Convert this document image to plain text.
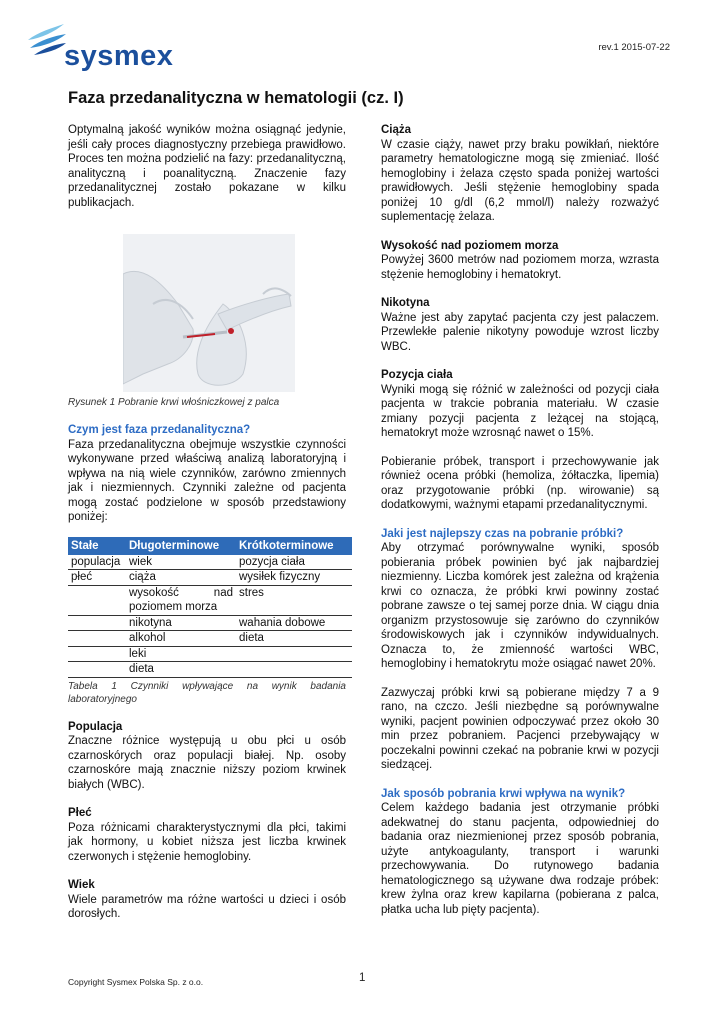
sysmex	rev.1 2015-07-22
Faza przedanalityczna w hematologii (cz. I)

Optymalną jakość wyników można osiągnąć jedynie, jeśli cały proces diagnostyczny przebiega prawidłowo. Proces ten można podzielić na fazy: przedanalityczną, analityczną i poanalityczną. Znaczenie fazy przedanalitycznej zostało pokazane w kilku publikacjach.

Rysunek 1 Pobranie krwi włośniczkowej z palca
Czym jest faza przedanalityczna?

Faza przedanalityczna obejmuje wszystkie czynności wykonywane przed właściwą analizą laboratoryjną i wpływa na nią wiele czynników, zarówno zmiennych jak i niezmiennych. Czynniki zależne od pacjenta mogą zostać podzielone w sposób przedstawiony poniżej:

Stałe	Długoterminowe	Krótkoterminowe
populacja	wiek	pozycja ciała
płeć	ciąża	wysiłek fizyczny
	wysokość nad poziomem morza	stres
	nikotyna	wahania dobowe
	alkohol	dieta
	leki	
	dieta	
Tabela 1 Czynniki wpływające na wynik badania laboratoryjnego
Populacja

Znaczne różnice występują u obu płci u osób czarnoskórych oraz populacji białej. Np. osoby czarnoskóre mają znacznie niższy poziom krwinek białych (WBC).

Płeć

Poza różnicami charakterystycznymi dla płci, takimi jak hormony, u kobiet niższa jest liczba krwinek czerwonych i stężenie hemoglobiny.

Wiek

Wiele parametrów ma różne wartości u dzieci i osób dorosłych.

Ciąża

W czasie ciąży, nawet przy braku powikłań, niektóre parametry hematologiczne mogą się zmieniać. Ilość hemoglobiny i żelaza często spada poniżej wartości prawidłowych. Jeśli stężenie hemoglobiny spada poniżej 10 g/dl (6,2 mmol/l) należy rozważyć suplementację żelaza.

Wysokość nad poziomem morza

Powyżej 3600 metrów nad poziomem morza, wzrasta stężenie hemoglobiny i hematokryt.

Nikotyna

Ważne jest aby zapytać pacjenta czy jest palaczem. Przewlekłe palenie nikotyny powoduje wzrost liczby WBC.

Pozycja ciała

Wyniki mogą się różnić w zależności od pozycji ciała pacjenta w trakcie pobrania materiału. W czasie zmiany pozycji pacjenta z leżącej na stojącą, hematokryt może wzrosnąć nawet o 15%.

Pobieranie próbek, transport i przechowywanie jak również ocena próbki (hemoliza, żółtaczka, lipemia) oraz przygotowanie próbki (np. wirowanie) są dodatkowymi, ważnymi etapami przedanalitycznymi.

Jaki jest najlepszy czas na pobranie próbki?

Aby otrzymać porównywalne wyniki, sposób pobierania próbek powinien być jak najbardziej niezmienny. Liczba komórek jest zależna od krążenia krwi co oznacza, że próbki krwi powinny zostać pobrane zawsze o tej samej porze dnia. W ciągu dnia organizm przystosowuje się zarówno do czynników środowiskowych jak i czynników indywidualnych. Oznacza to, że zmienność wartości WBC, hemoglobiny i hematokrytu może osiągać nawet 20%.

Zazwyczaj próbki krwi są pobierane między 7 a 9 rano, na czczo. Jeśli niezbędne są porównywalne wyniki, pacjent powinien odpoczywać przez około 30 min przez pobraniem. Pacjenci przebywający w poczekalni powinni czekać na pobranie krwi w pozycji siedzącej.

Jak sposób pobrania krwi wpływa na wynik?

Celem każdego badania jest otrzymanie próbki adekwatnej do stanu pacjenta, odpowiedniej do badania oraz niezmienionej przez sposób pobrania, użyte antykoagulanty, transport i warunki przechowywania. Do rutynowego badania hematologicznego są używane dwa rodzaje próbek: krew żylna oraz krew kapilarna (pobierana z palca, płatka ucha lub pięty pacjenta).

Copyright Sysmex Polska Sp. z o.o.	1
